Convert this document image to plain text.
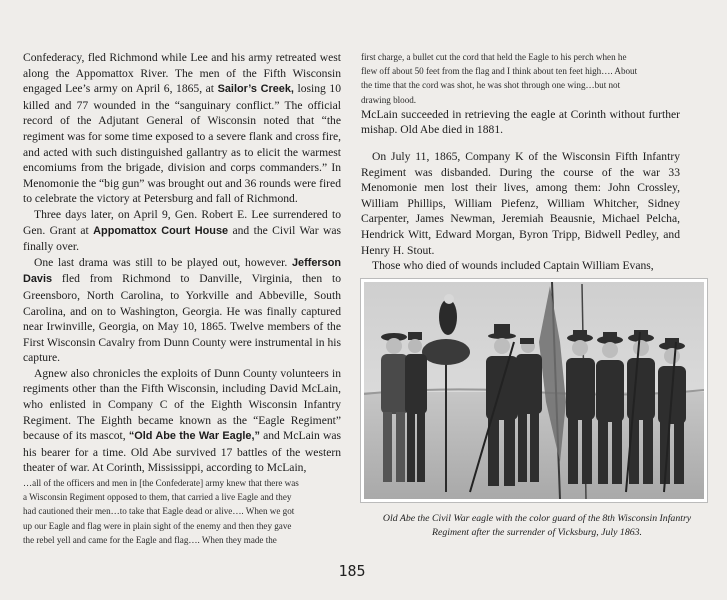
Confederacy, fled Richmond while Lee and his army retreated west along the Appomattox River. The men of the Fifth Wisconsin engaged Lee’s army on April 6, 1865, at Sailor’s Creek, losing 10 killed and 77 wounded in the “sanguinary conflict.” The official record of the Adjutant General of Wisconsin noted that “the regiment was for some time exposed to a severe flank and cross fire, and acted with such distinguished gallantry as to elicit the warmest encomiums from the brigade, division and corps commanders.” In Menomonie the “big gun” was brought out and 36 rounds were fired to celebrate the victory at Petersburg and fall of Richmond.

Three days later, on April 9, Gen. Robert E. Lee surrendered to Gen. Grant at Appomattox Court House and the Civil War was finally over.

One last drama was still to be played out, however. Jefferson Davis fled from Richmond to Danville, Virginia, then to Greensboro, North Carolina, to Yorkville and Abbeville, South Carolina, and on to Washington, Georgia. He was finally captured near Irwinville, Georgia, on May 10, 1865. Twelve members of the First Wisconsin Cavalry from Dunn County were instrumental in his capture.

Agnew also chronicles the exploits of Dunn County volunteers in regiments other than the Fifth Wisconsin, including David McLain, who enlisted in Company C of the Eighth Wisconsin Infantry Regiment. The Eighth became known as the “Eagle Regiment” because of its mascot, “Old Abe the War Eagle,” and McLain was his bearer for a time. Old Abe survived 17 battles of the western theater of war. At Corinth, Mississippi, according to McLain,

…all of the officers and men in [the Confederate] army knew that there was a Wisconsin Regiment opposed to them, that carried a live Eagle and they had cautioned their men…to take that Eagle dead or alive…. When we got up our Eagle and flag were in plain sight of the enemy and then they gave the rebel yell and came for the Eagle and flag…. When they made the

first charge, a bullet cut the cord that held the Eagle to his perch when he flew off about 50 feet from the flag and I think about ten feet high…. About the time that the cord was shot, he was shot through one wing…but not drawing blood.

McLain succeeded in retrieving the eagle at Corinth without further mishap. Old Abe died in 1881.

On July 11, 1865, Company K of the Wisconsin Fifth Infantry Regiment was disbanded. During the course of the war 33 Menomonie men lost their lives, among them: John Crossley, William Phillips, William Piefenz, William Whitcher, Sidney Carpenter, James Newman, Jeremiah Beausnie, Michael Pelcha, Hendrick Witt, Edward Morgan, Byron Tripp, Bidwell Pedley, and Henry H. Stout.

Those who died of wounds included Captain William Evans,

Old Abe the Civil War eagle with the color guard of the 8th Wisconsin Infantry Regiment after the surrender of Vicksburg, July 1863.
185
